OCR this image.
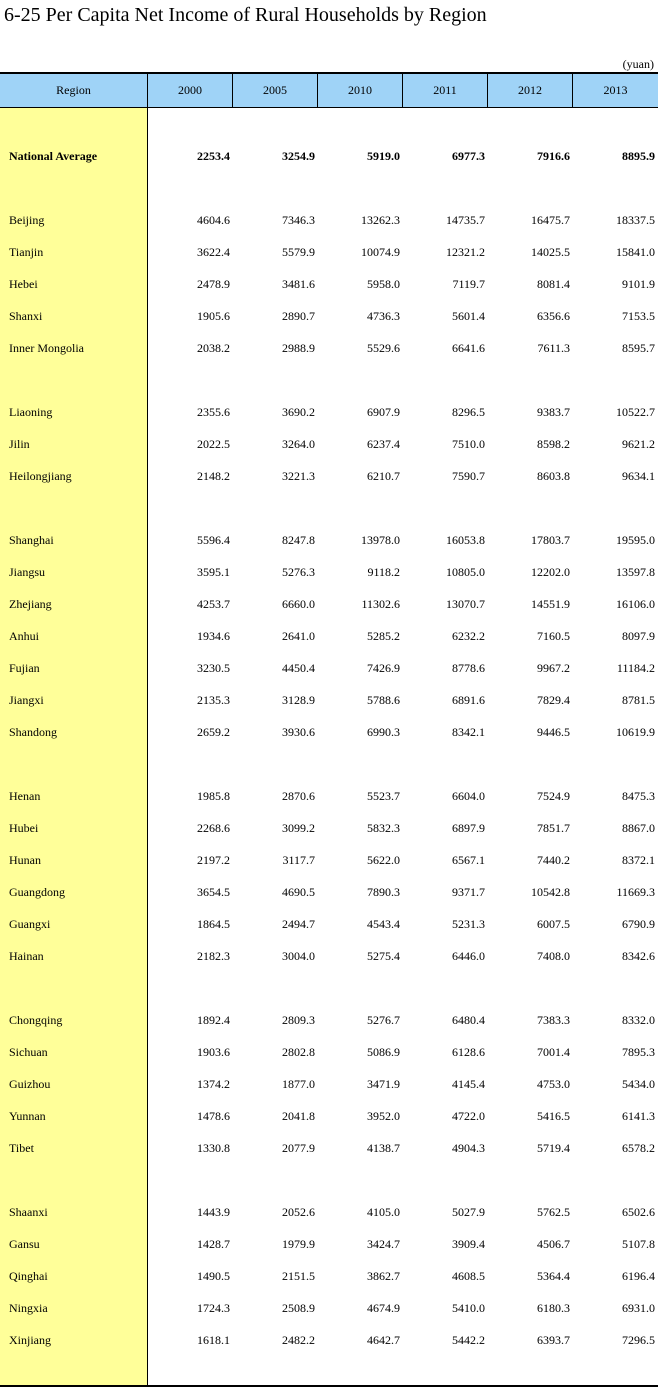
6-25 Per Capita Net Income of Rural Households by Region
(yuan)
Region	2000	2005	2010	2011	2012	2013
National Average	2253.4	3254.9	5919.0	6977.3	7916.6	8895.9
Beijing	4604.6	7346.3	13262.3	14735.7	16475.7	18337.5
Tianjin	3622.4	5579.9	10074.9	12321.2	14025.5	15841.0
Hebei	2478.9	3481.6	5958.0	7119.7	8081.4	9101.9
Shanxi	1905.6	2890.7	4736.3	5601.4	6356.6	7153.5
Inner Mongolia	2038.2	2988.9	5529.6	6641.6	7611.3	8595.7
Liaoning	2355.6	3690.2	6907.9	8296.5	9383.7	10522.7
Jilin	2022.5	3264.0	6237.4	7510.0	8598.2	9621.2
Heilongjiang	2148.2	3221.3	6210.7	7590.7	8603.8	9634.1
Shanghai	5596.4	8247.8	13978.0	16053.8	17803.7	19595.0
Jiangsu	3595.1	5276.3	9118.2	10805.0	12202.0	13597.8
Zhejiang	4253.7	6660.0	11302.6	13070.7	14551.9	16106.0
Anhui	1934.6	2641.0	5285.2	6232.2	7160.5	8097.9
Fujian	3230.5	4450.4	7426.9	8778.6	9967.2	11184.2
Jiangxi	2135.3	3128.9	5788.6	6891.6	7829.4	8781.5
Shandong	2659.2	3930.6	6990.3	8342.1	9446.5	10619.9
Henan	1985.8	2870.6	5523.7	6604.0	7524.9	8475.3
Hubei	2268.6	3099.2	5832.3	6897.9	7851.7	8867.0
Hunan	2197.2	3117.7	5622.0	6567.1	7440.2	8372.1
Guangdong	3654.5	4690.5	7890.3	9371.7	10542.8	11669.3
Guangxi	1864.5	2494.7	4543.4	5231.3	6007.5	6790.9
Hainan	2182.3	3004.0	5275.4	6446.0	7408.0	8342.6
Chongqing	1892.4	2809.3	5276.7	6480.4	7383.3	8332.0
Sichuan	1903.6	2802.8	5086.9	6128.6	7001.4	7895.3
Guizhou	1374.2	1877.0	3471.9	4145.4	4753.0	5434.0
Yunnan	1478.6	2041.8	3952.0	4722.0	5416.5	6141.3
Tibet	1330.8	2077.9	4138.7	4904.3	5719.4	6578.2
Shaanxi	1443.9	2052.6	4105.0	5027.9	5762.5	6502.6
Gansu	1428.7	1979.9	3424.7	3909.4	4506.7	5107.8
Qinghai	1490.5	2151.5	3862.7	4608.5	5364.4	6196.4
Ningxia	1724.3	2508.9	4674.9	5410.0	6180.3	6931.0
Xinjiang	1618.1	2482.2	4642.7	5442.2	6393.7	7296.5
